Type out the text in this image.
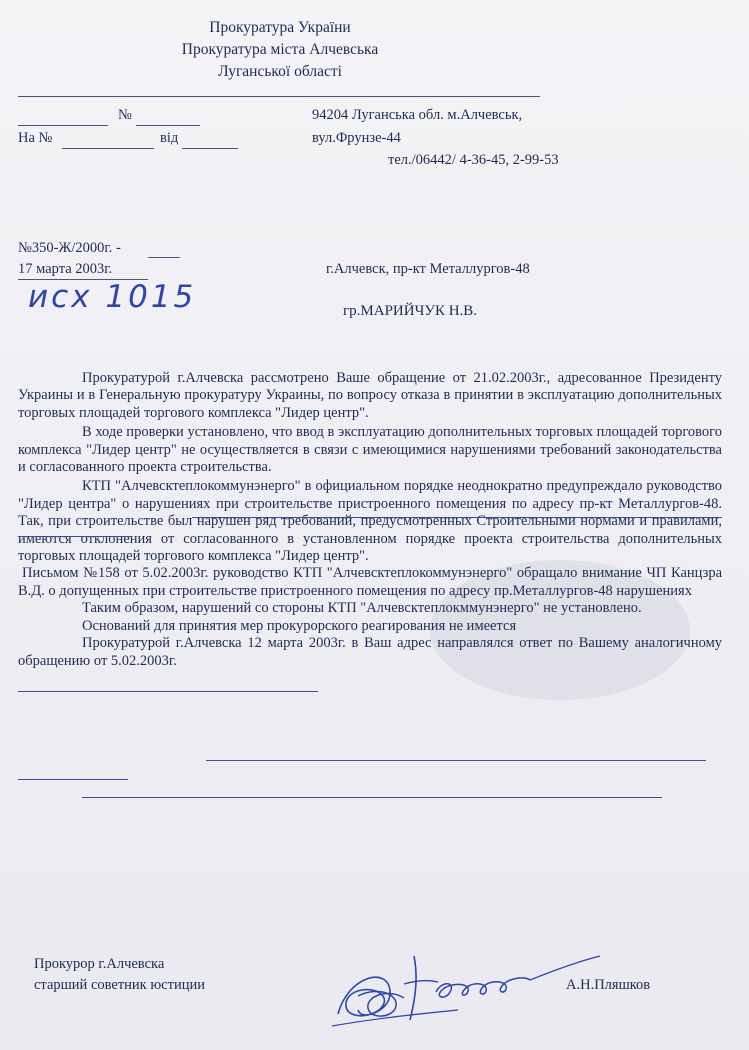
Прокуратура України
Прокуратура міста Алчевська
Луганської області
№
На №	від
94204 Луганська обл. м.Алчевськ,
вул.Фрунзе-44
тел./06442/ 4-36-45, 2-99-53
№350-Ж/2000г. -
17 марта 2003г.
исх 1015
г.Алчевск, пр-кт Металлургов-48
гр.МАРИЙЧУК Н.В.

Прокуратурой г.Алчевска рассмотрено Ваше обращение от 21.02.2003г., адресованное Президенту Украины и в Генеральную прокуратуру Украины, по вопросу отказа в принятии в эксплуатацию дополнительных торговых площадей торгового комплекса "Лидер центр".

В ходе проверки установлено, что ввод в эксплуатацию дополнительных торговых площадей торгового комплекса "Лидер центр" не осуществляется в связи с имеющимися нарушениями требований законодательства и согласованного проекта строительства.

КТП "Алчевсктеплокоммунэнерго" в официальном порядке неоднократно предупреждало руководство "Лидер центра" о нарушениях при строительстве пристроенного помещения по адресу пр-кт Металлургов-48. Так, при строительстве был нарушен ряд требований, предусмотренных Строительными нормами и правилами, имеются отклонения от согласованного в установленном порядке проекта строительства дополнительных торговых площадей торгового комплекса "Лидер центр".

Письмом №158 от 5.02.2003г. руководство КТП "Алчевсктеплокоммунэнерго" обращало внимание ЧП Канцзра В.Д. о допущенных при строительстве пристроенного помещения по адресу пр.Металлургов-48 нарушениях

Таким образом, нарушений со стороны КТП "Алчевсктеплокммунэнерго" не установлено.

Оснований для принятия мер прокурорского реагирования не имеется

Прокуратурой г.Алчевска 12 марта 2003г. в Ваш адрес направлялся ответ по Вашему аналогичному обращению от 5.02.2003г.

Прокурор г.Алчевска
старший советник юстиции	А.Н.Пляшков
